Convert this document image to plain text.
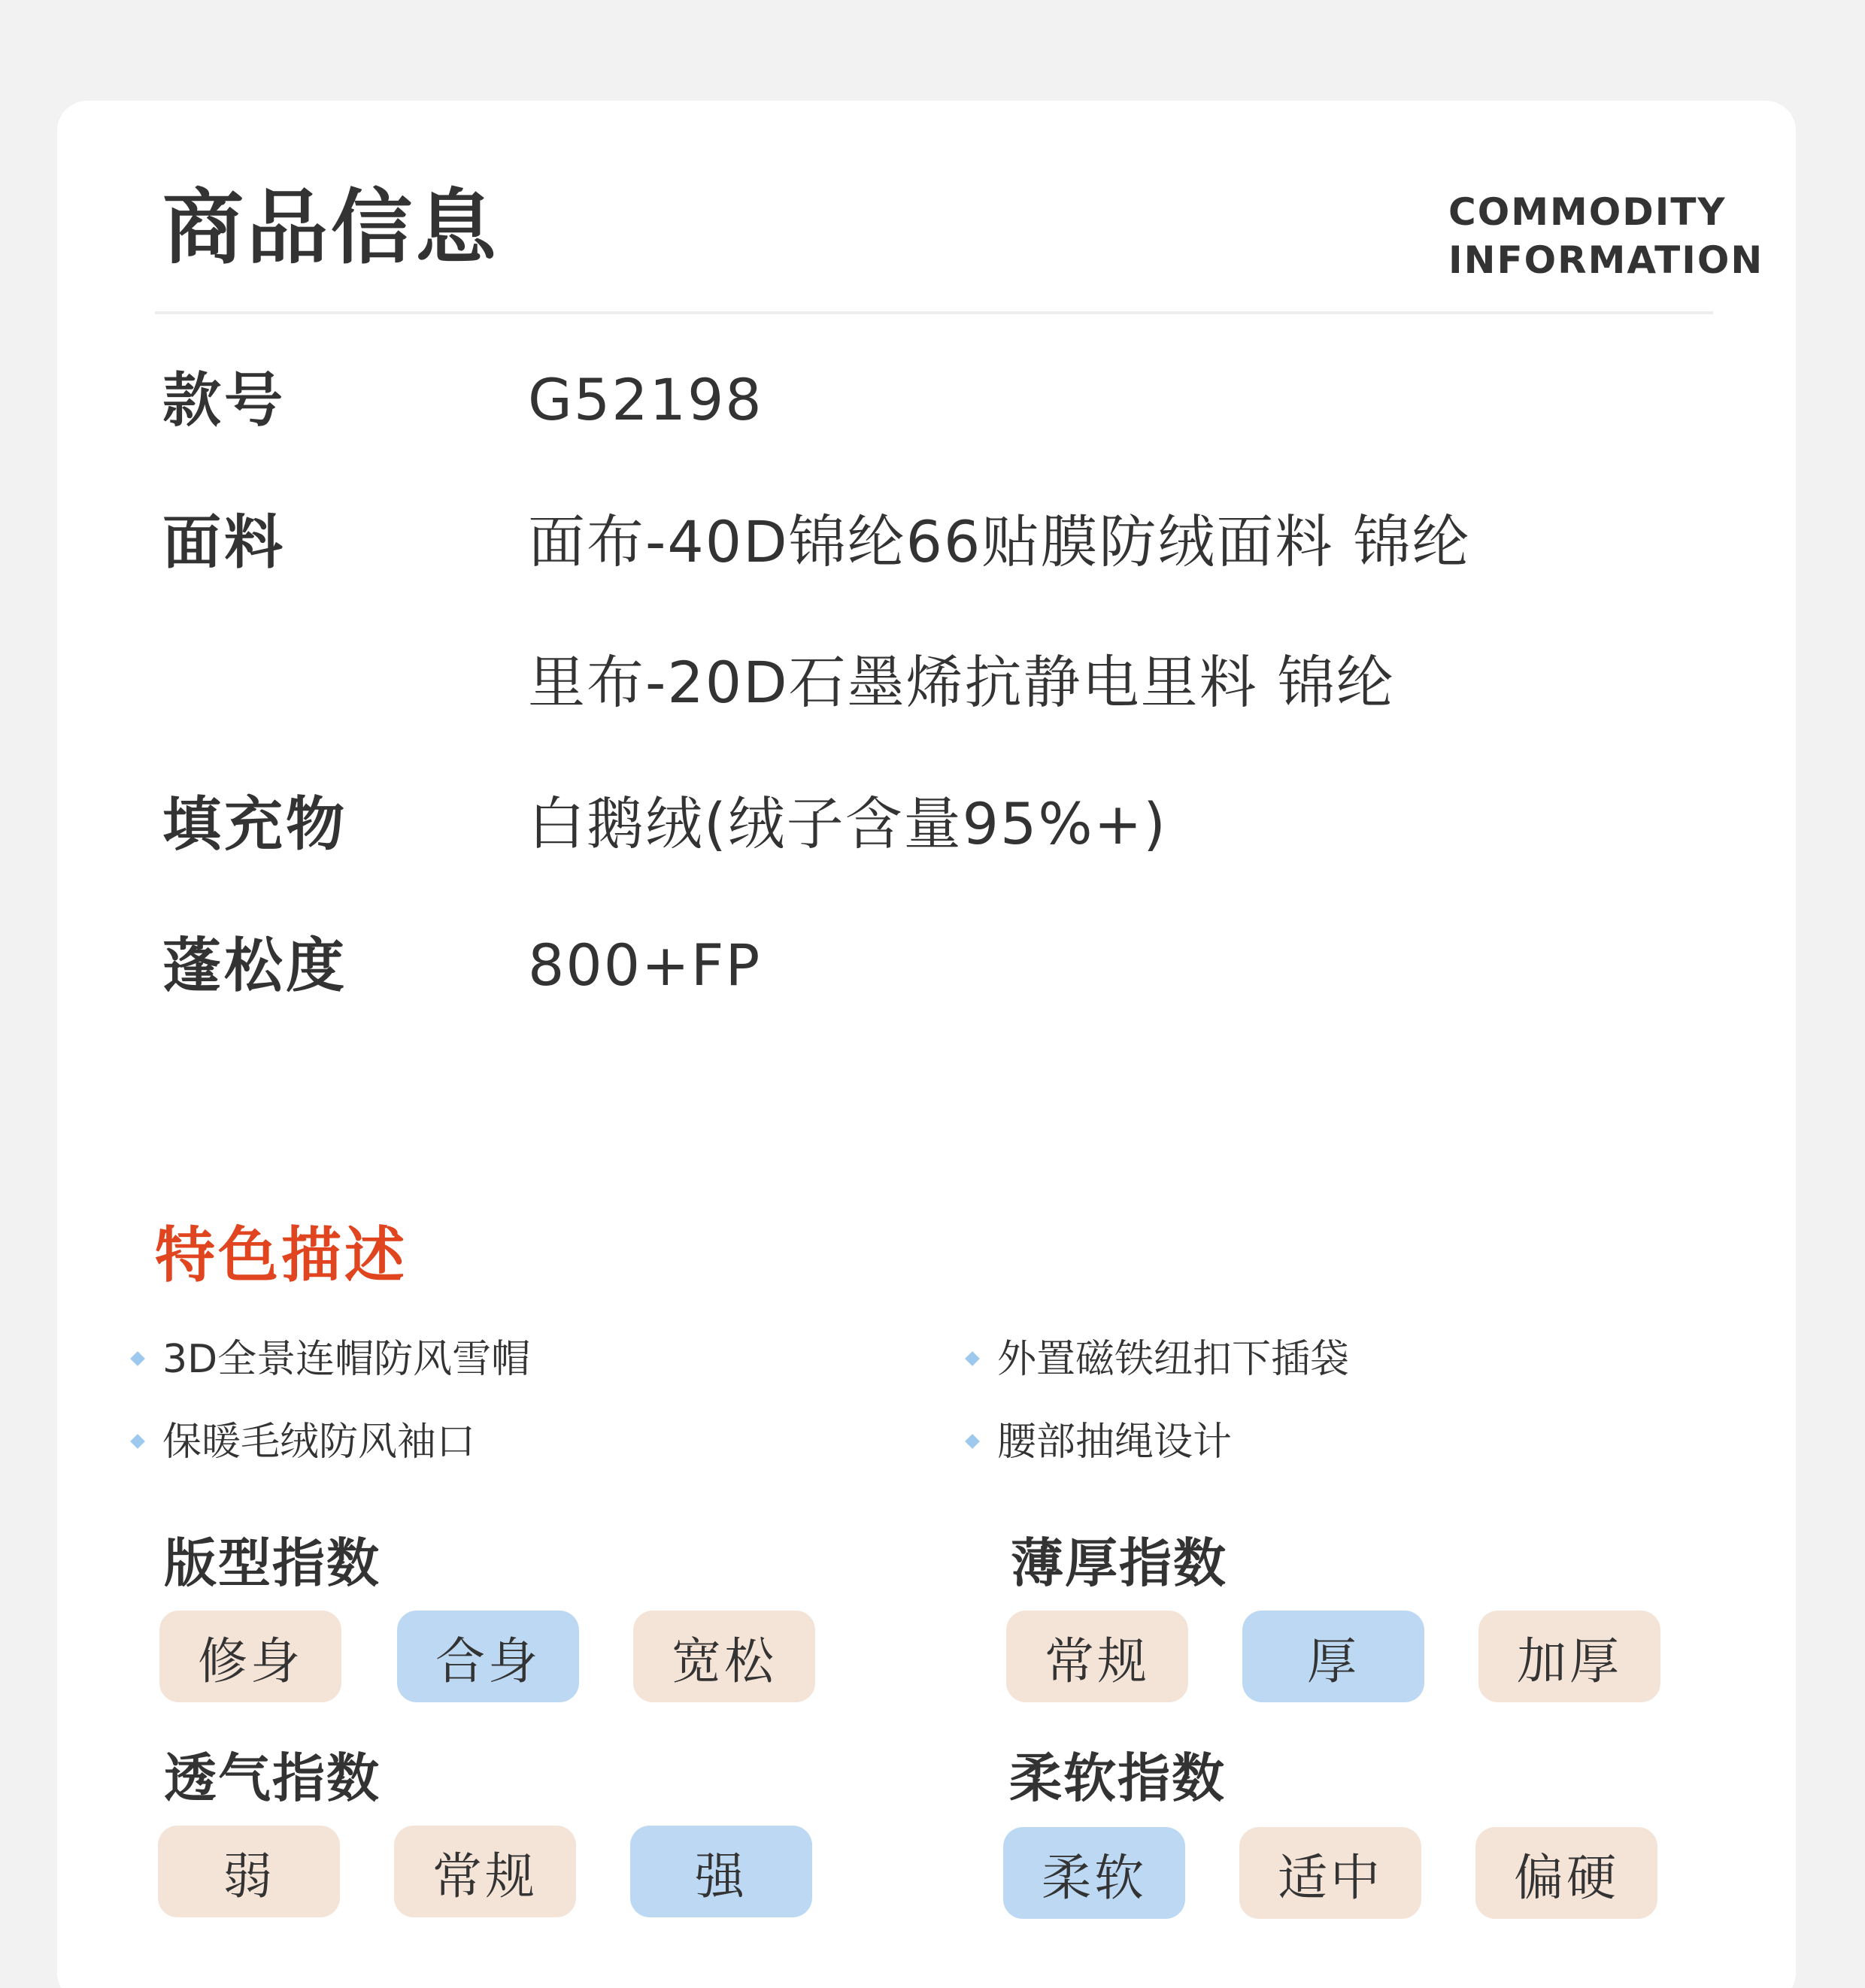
商品信息	COMMODITY
INFORMATION
款号	G52198
面料	面布-40D锦纶66贴膜防绒面料 锦纶
里布-20D石墨烯抗静电里料 锦纶
填充物	白鹅绒(绒子含量95%+)
蓬松度	800+FP
特色描述
3D全景连帽防风雪帽	外置磁铁纽扣下插袋
保暖毛绒防风袖口	腰部抽绳设计
版型指数
修身	合身	宽松
薄厚指数
常规	厚	加厚
透气指数
弱	常规	强
柔软指数
柔软	适中	偏硬
